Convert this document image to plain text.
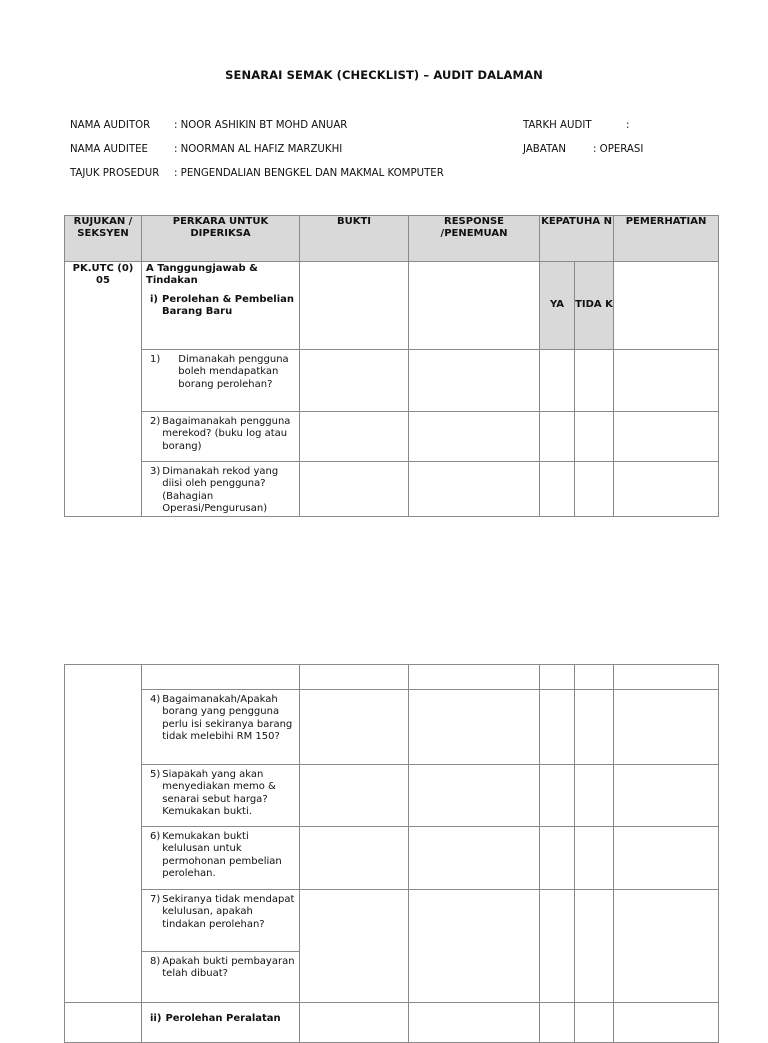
SENARAI SEMAK (CHECKLIST) – AUDIT DALAMAN
NAMA AUDITOR : NOOR ASHIKIN BT MOHD ANUAR
NAMA AUDITEE	: NOORMAN AL HAFIZ MARZUKHI
TAJUK PROSEDUR : PENGENDALIAN BENGKEL DAN MAKMAL KOMPUTER
TARKH AUDIT	:
JABATAN	: OPERASI
RUJUKAN / SEKSYEN	PERKARA UNTUK DIPERIKSA	BUKTI	RESPONSE /PENEMUAN	KEPATUHA N		PEMERHATIAN

PK.UTC (0) 05	A Tanggungjawab & Tindakan
i) Perolehan & Pembelian Barang Baru			YA	TIDA K	

	1) Dimanakah pengguna boleh mendapatkan borang perolehan?					

	2) Bagaimanakah pengguna merekod? (buku log atau borang)					

	3) Dimanakah rekod yang diisi oleh pengguna? (Bahagian Operasi/Pengurusan)					

	4) Bagaimanakah/Apakah borang yang pengguna perlu isi sekiranya barang tidak melebihi RM 150?					

	5) Siapakah yang akan menyediakan memo & senarai sebut harga? Kemukakan bukti.					

	6) Kemukakan bukti kelulusan untuk permohonan pembelian perolehan.					

	7) Sekiranya tidak mendapat kelulusan, apakah tindakan perolehan?
8) Apakah bukti pembayaran telah dibuat?					

	ii) Perolehan Peralatan					
